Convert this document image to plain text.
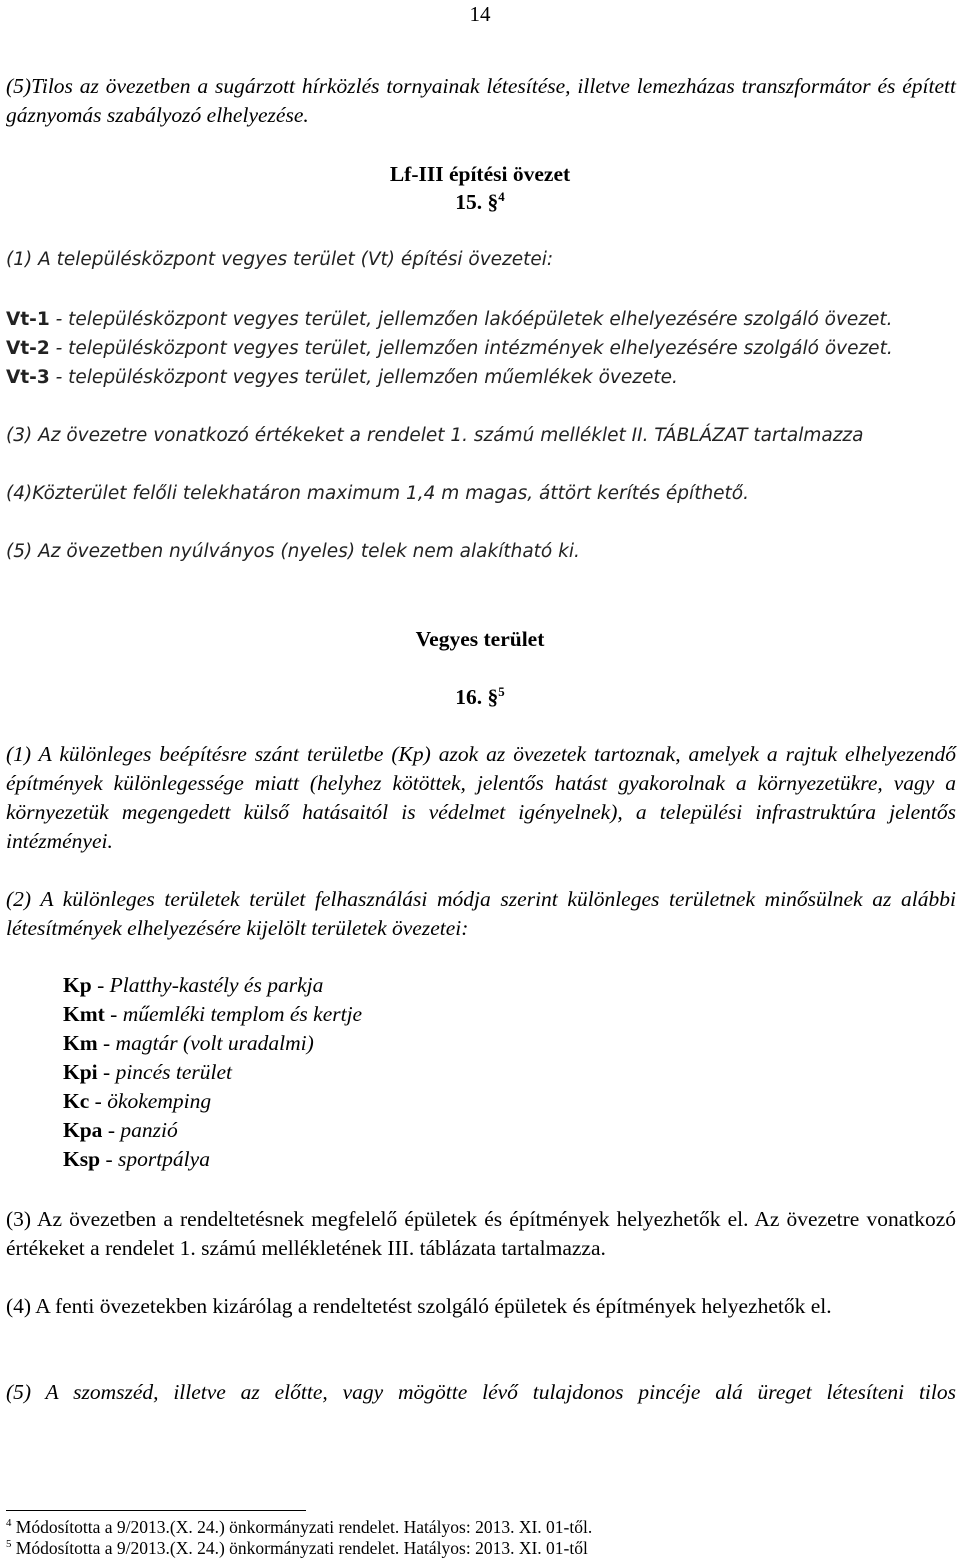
14

(5)Tilos az övezetben a sugárzott hírközlés tornyainak létesítése, illetve lemezházas transzformátor és épített gáznyomás szabályozó elhelyezése.

Lf-III építési övezet
15. §$^4$

(1) A településközpont vegyes terület (Vt) építési övezetei:

Vt-1 - településközpont vegyes terület, jellemzően lakóépületek elhelyezésére szolgáló övezet.
Vt-2 - településközpont vegyes terület, jellemzően intézmények elhelyezésére szolgáló övezet.
Vt-3 - településközpont vegyes terület, jellemzően műemlékek övezete.

(3) Az övezetre vonatkozó értékeket a rendelet 1. számú melléklet II. TÁBLÁZAT tartalmazza

(4)Közterület felőli telekhatáron maximum 1,4 m magas, áttört kerítés építhető.

(5) Az övezetben nyúlványos (nyeles) telek nem alakítható ki.

Vegyes terület
16. §$^5$

(1) A különleges beépítésre szánt területbe (Kp) azok az övezetek tartoznak, amelyek a rajtuk elhelyezendő építmények különlegessége miatt (helyhez kötöttek, jelentős hatást gyakorolnak a környezetükre, vagy a környezetük megengedett külső hatásaitól is védelmet igényelnek), a települési infrastruktúra jelentős intézményei.

(2) A különleges területek terület felhasználási módja szerint különleges területnek minősülnek az alábbi létesítmények elhelyezésére kijelölt területek övezetei:

Kp - Platthy-kastély és parkja
Kmt - műemléki templom és kertje
Km - magtár (volt uradalmi)
Kpi - pincés terület
Kc - ökokemping
Kpa - panzió
Ksp - sportpálya

(3) Az övezetben a rendeltetésnek megfelelő épületek és építmények helyezhetők el. Az övezetre vonatkozó értékeket a rendelet 1. számú mellékletének III. táblázata tartalmazza.

(4) A fenti övezetekben kizárólag a rendeltetést szolgáló épületek és építmények helyezhetők el.

(5) A szomszéd, illetve az előtte, vagy mögötte lévő tulajdonos pincéje alá üreget létesíteni tilos

$^4$ Módosította a 9/2013.(X. 24.) önkormányzati rendelet. Hatályos: 2013. XI. 01-től.
$^5$ Módosította a 9/2013.(X. 24.) önkormányzati rendelet. Hatályos: 2013. XI. 01-től
